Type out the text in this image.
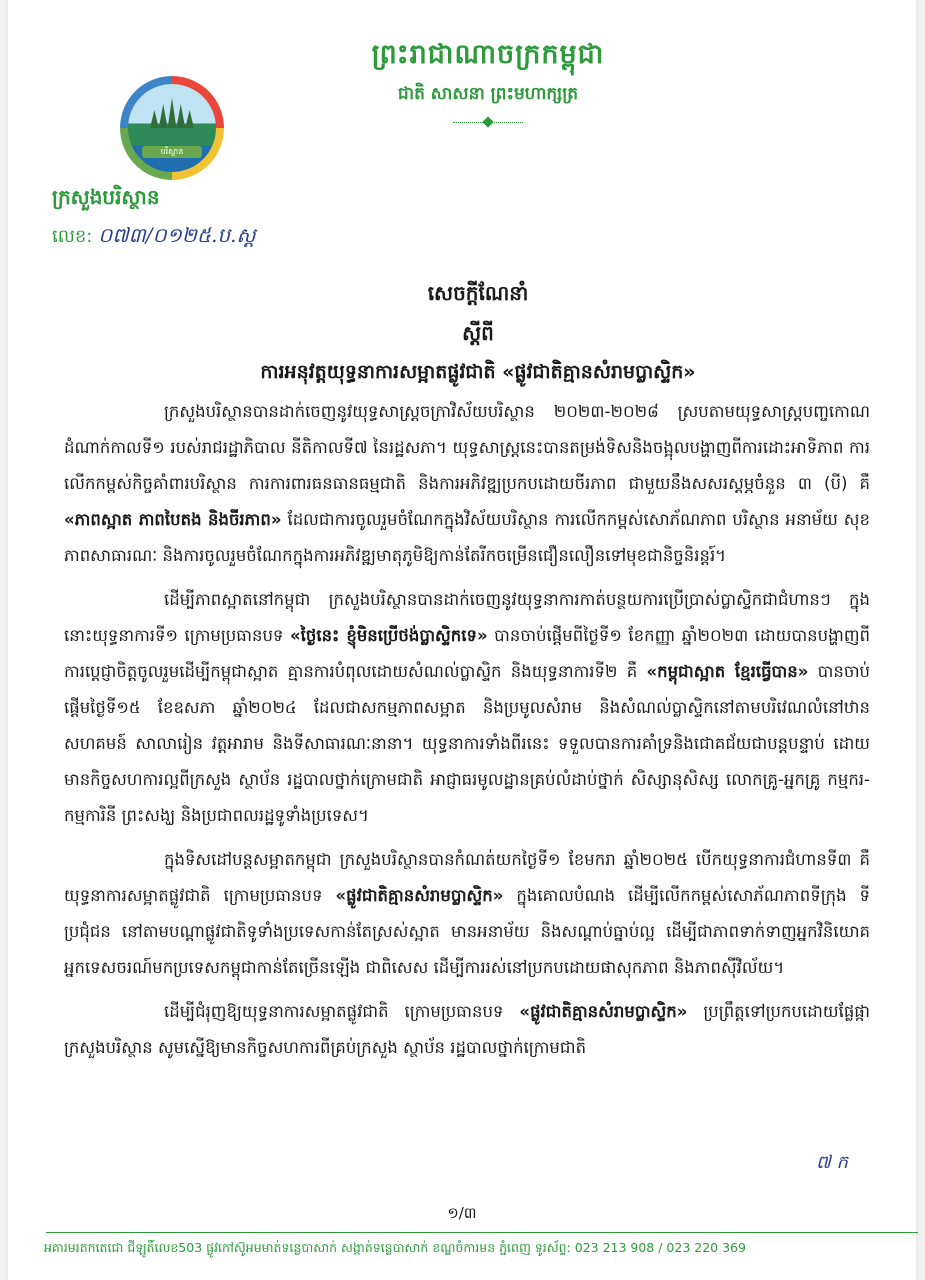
បរិស្ថាន
ព្រះរាជាណាចក្រកម្ពុជា
ជាតិ សាសនា ព្រះមហាក្សត្រ
ក្រសួងបរិស្ថាន
លេខ: ០៧៣/០១២៥.ប.ស្ត
សេចក្តីណែនាំ
ស្តីពី
ការអនុវត្តយុទ្ធនាការសម្អាតផ្លូវជាតិ «ផ្លូវជាតិគ្មានសំរាមប្លាស្ទិក»

ក្រសួងបរិស្ថានបានដាក់ចេញនូវយុទ្ធសាស្ត្រចក្រាវិស័យបរិស្ថាន ២០២៣-២០២៨ ស្របតាមយុទ្ធសាស្ត្របញ្ចកោណ ដំណាក់កាលទី១ របស់រាជរដ្ឋាភិបាល នីតិកាលទី៧ នៃរដ្ឋសភា។ យុទ្ធសាស្ត្រនេះបានតម្រង់ទិសនិងចង្អុលបង្ហាញពីការដោះអាទិភាព ការលើកកម្ពស់កិច្ចគាំពារបរិស្ថាន ការការពារធនធានធម្មជាតិ និងការអភិវឌ្ឍប្រកបដោយចីរភាព ជាមួយនឹងសសរស្តម្ភចំនួន ៣ (បី) គឺ «ភាពស្អាត ភាពបៃតង និងចីរភាព» ដែលជាការចូលរួមចំណែកក្នុងវិស័យបរិស្ថាន ការលើកកម្ពស់សោភ័ណភាព បរិស្ថាន អនាម័យ សុខភាពសាធារណៈ និងការចូលរួមចំណែកក្នុងការអភិវឌ្ឍមាតុភូមិឱ្យកាន់តែរីកចម្រើនជឿនលឿនទៅមុខជានិច្ចនិរន្តរ៍។

ដើម្បីភាពស្អាតនៅកម្ពុជា ក្រសួងបរិស្ថានបានដាក់ចេញនូវយុទ្ធនាការកាត់បន្ថយការប្រើប្រាស់ប្លាស្ទិកជាជំហានៗ ក្នុងនោះយុទ្ធនាការទី១ ក្រោមប្រធានបទ «ថ្ងៃនេះ ខ្ញុំមិនប្រើថង់ប្លាស្ទិកទេ» បានចាប់ផ្តើមពីថ្ងៃទី១ ខែកញ្ញា ឆ្នាំ២០២៣ ដោយបានបង្ហាញពីការប្តេជ្ញាចិត្តចូលរួមដើម្បីកម្ពុជាស្អាត គ្មានការបំពុលដោយសំណល់ប្លាស្ទិក និងយុទ្ធនាការទី២ គឺ «កម្ពុជាស្អាត ខ្មែរធ្វើបាន» បានចាប់ផ្តើមថ្ងៃទី១៥ ខែឧសភា ឆ្នាំ២០២៤ ដែលជាសកម្មភាពសម្អាត និងប្រមូលសំរាម និងសំណល់ប្លាស្ទិកនៅតាមបរិវេណលំនៅឋាន សហគមន៍ សាលារៀន វត្តអារាម និងទីសាធារណៈនានា។ យុទ្ធនាការទាំងពីរនេះ ទទួលបានការគាំទ្រនិងជោគជ័យជាបន្តបន្ទាប់ ដោយមានកិច្ចសហការល្អពីក្រសួង ស្ថាប័ន រដ្ឋបាលថ្នាក់ក្រោមជាតិ អាជ្ញាធរមូលដ្ឋានគ្រប់លំដាប់ថ្នាក់ សិស្សានុសិស្ស លោកគ្រូ-អ្នកគ្រូ កម្មករ-កម្មការិនី ព្រះសង្ឃ និងប្រជាពលរដ្ឋទូទាំងប្រទេស។

ក្នុងទិសដៅបន្តសម្អាតកម្ពុជា ក្រសួងបរិស្ថានបានកំណត់យកថ្ងៃទី១ ខែមករា ឆ្នាំ២០២៥ បើកយុទ្ធនាការជំហានទី៣ គឺ យុទ្ធនាការសម្អាតផ្លូវជាតិ ក្រោមប្រធានបទ «ផ្លូវជាតិគ្មានសំរាមប្លាស្ទិក» ក្នុងគោលបំណង ដើម្បីលើកកម្ពស់សោភ័ណភាពទីក្រុង ទីប្រជុំជន នៅតាមបណ្តាផ្លូវជាតិទូទាំងប្រទេសកាន់តែស្រស់ស្អាត មានអនាម័យ និងសណ្តាប់ធ្នាប់ល្អ ដើម្បីជាភាពទាក់ទាញអ្នកវិនិយោគ អ្នកទេសចរណ៍មកប្រទេសកម្ពុជាកាន់តែច្រើនឡើង ជាពិសេស ដើម្បីការរស់នៅប្រកបដោយផាសុកភាព និងភាពស៊ីវិល័យ។

ដើម្បីជំរុញឱ្យយុទ្ធនាការសម្អាតផ្លូវជាតិ ក្រោមប្រធានបទ «ផ្លូវជាតិគ្មានសំរាមប្លាស្ទិក» ប្រព្រឹត្តទៅប្រកបដោយផ្លែផ្កា ក្រសួងបរិស្ថាន សូមស្នើឱ្យមានកិច្ចសហការពីគ្រប់ក្រសួង ស្ថាប័ន រដ្ឋបាលថ្នាក់ក្រោមជាតិ

៧ ក
១/៣
អគារមរតកតេជោ ជីឡូតិ៍លេខ503 ផ្លូវកៅស៊ូអមមាត់ទន្លេបាសាក់ សង្កាត់ទន្លេបាសាក់ ខណ្ឌចំការមន ភ្នំពេញ ទូរស័ព្ទ: 023 213 908 / 023 220 369
